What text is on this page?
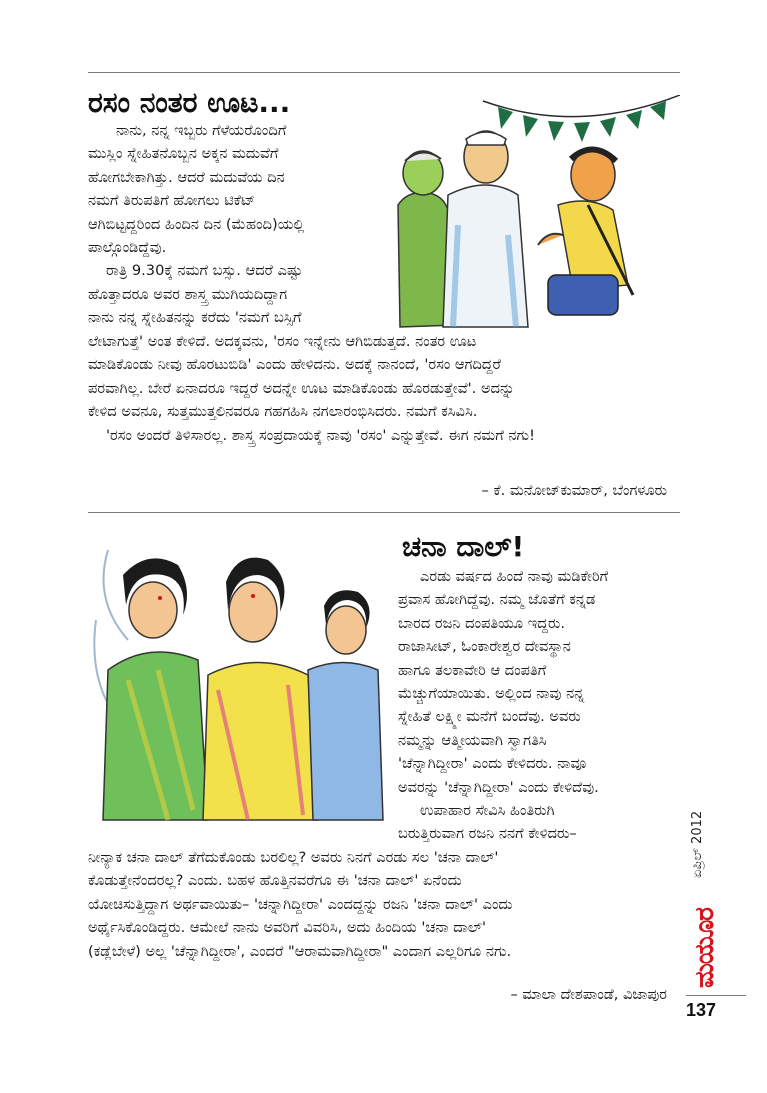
ರಸಂ ನಂತರ ಊಟ...
ನಾನು, ನನ್ನ ಇಬ್ಬರು ಗೆಳೆಯರೊಂದಿಗೆ
ಮುಸ್ಲಿಂ ಸ್ನೇಹಿತನೊಬ್ಬನ ಅಕ್ಕನ ಮದುವೆಗೆ
ಹೋಗಬೇಕಾಗಿತ್ತು. ಆದರೆ ಮದುವೆಯ ದಿನ
ನಮಗೆ ತಿರುಪತಿಗೆ ಹೋಗಲು ಟಿಕೆಟ್
ಆಗಿಬಿಟ್ಟದ್ದರಿಂದ ಹಿಂದಿನ ದಿನ (ಮೆಹಂದಿ)ಯಲ್ಲಿ
ಪಾಲ್ಗೊಂಡಿದ್ದೆವು.
ರಾತ್ರಿ 9.30ಕ್ಕೆ ನಮಗೆ ಬಸ್ಸು. ಆದರೆ ಎಷ್ಟು
ಹೊತ್ತಾದರೂ ಅವರ ಶಾಸ್ತ್ರ ಮುಗಿಯದಿದ್ದಾಗ
ನಾನು ನನ್ನ ಸ್ನೇಹಿತನನ್ನು ಕರೆದು 'ನಮಗೆ ಬಸ್ಸಿಗೆ
ಲೇಟಾಗುತ್ತೆ' ಅಂತ ಕೇಳಿದೆ. ಅದಕ್ಕವನು, 'ರಸಂ ಇನ್ನೇನು ಆಗಿಬಿಡುತ್ತದೆ. ನಂತರ ಊಟ
ಮಾಡಿಕೊಂಡು ನೀವು ಹೊರಟುಬಿಡಿ' ಎಂದು ಹೇಳಿದನು. ಅದಕ್ಕೆ ನಾನಂದೆ, 'ರಸಂ ಆಗದಿದ್ದರೆ
ಪರವಾಗಿಲ್ಲ. ಬೇರೆ ಏನಾದರೂ ಇದ್ದರೆ ಅದನ್ನೇ ಊಟ ಮಾಡಿಕೊಂಡು ಹೊರಡುತ್ತೇವೆ'. ಅದನ್ನು
ಕೇಳಿದ ಅವನೂ, ಸುತ್ತಮುತ್ತಲಿನವರೂ ಗಹಗಹಿಸಿ ನಗಲಾರಂಭಿಸಿದರು. ನಮಗೆ ಕಸಿವಿಸಿ.
'ರಸಂ ಅಂದರೆ ತಿಳಿಸಾರಲ್ಲ. ಶಾಸ್ತ್ರ ಸಂಪ್ರದಾಯಕ್ಕೆ ನಾವು 'ರಸಂ' ಎನ್ನುತ್ತೇವೆ. ಈಗ ನಮಗೆ ನಗು!
– ಕೆ. ಮನೋಜ್‌ಕುಮಾರ್, ಬೆಂಗಳೂರು
ಚನಾ ದಾಲ್!
ಎರಡು ವರ್ಷದ ಹಿಂದೆ ನಾವು ಮಡಿಕೇರಿಗೆ
ಪ್ರವಾಸ ಹೋಗಿದ್ದೆವು. ನಮ್ಮ ಜೊತೆಗೆ ಕನ್ನಡ
ಬಾರದ ರಜನಿ ದಂಪತಿಯೂ ಇದ್ದರು.
ರಾಜಾಸೀಟ್, ಓಂಕಾರೇಶ್ವರ ದೇವಸ್ಥಾನ
ಹಾಗೂ ತಲಕಾವೇರಿ ಆ ದಂಪತಿಗೆ
ಮೆಚ್ಚುಗೆಯಾಯಿತು. ಅಲ್ಲಿಂದ ನಾವು ನನ್ನ
ಸ್ನೇಹಿತೆ ಲಕ್ಷ್ಮೀ ಮನೆಗೆ ಬಂದೆವು. ಅವರು
ನಮ್ಮನ್ನು ಆತ್ಮೀಯವಾಗಿ ಸ್ವಾಗತಿಸಿ
'ಚೆನ್ನಾಗಿದ್ದೀರಾ' ಎಂದು ಕೇಳಿದರು. ನಾವೂ
ಅವರನ್ನು 'ಚೆನ್ನಾಗಿದ್ದೀರಾ' ಎಂದು ಕೇಳಿದೆವು.
ಉಪಾಹಾರ ಸೇವಿಸಿ ಹಿಂತಿರುಗಿ
ಬರುತ್ತಿರುವಾಗ ರಜನಿ ನನಗೆ ಕೇಳಿದರು–
ನೀನ್ಯಾಕ ಚನಾ ದಾಲ್ ತೆಗೆದುಕೊಂಡು ಬರಲಿಲ್ಲ? ಅವರು ನಿನಗೆ ಎರಡು ಸಲ 'ಚನಾ ದಾಲ್'
ಕೊಡುತ್ತೇನೆಂದರಲ್ಲ? ಎಂದು. ಬಹಳ ಹೊತ್ತಿನವರೆಗೂ ಈ 'ಚನಾ ದಾಲ್' ಏನೆಂದು
ಯೋಚಿಸುತ್ತಿದ್ದಾಗ ಅರ್ಥವಾಯಿತು– 'ಚನ್ನಾಗಿದ್ದೀರಾ' ಎಂದದ್ದನ್ನು ರಜನಿ 'ಚನಾ ದಾಲ್' ಎಂದು
ಅರ್ಥೈಸಿಕೊಂಡಿದ್ದರು. ಆಮೇಲೆ ನಾನು ಅವರಿಗೆ ವಿವರಿಸಿ, ಅದು ಹಿಂದಿಯ 'ಚನಾ ದಾಲ್'
(ಕಡ್ಲೆಬೇಳೆ) ಅಲ್ಲ 'ಚೆನ್ನಾಗಿದ್ದೀರಾ', ಎಂದರೆ "ಆರಾಮವಾಗಿದ್ದೀರಾ" ಎಂದಾಗ ಎಲ್ಲರಿಗೂ ನಗು.
– ಮಾಲಾ ದೇಶಪಾಂಡೆ, ವಿಜಾಪುರ
ಏಪ್ರಿಲ್ 2012
ಮಯೂರ
137
